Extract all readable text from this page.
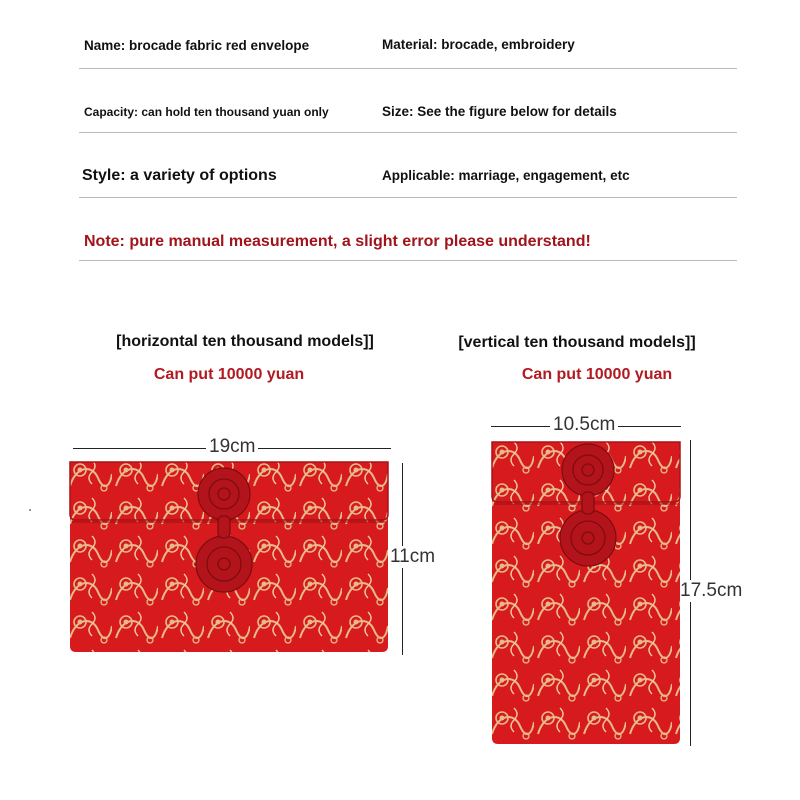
Name: brocade fabric red envelope	Material: brocade, embroidery
Capacity: can hold ten thousand yuan only	Size: See the figure below for details
Style: a variety of options	Applicable: marriage, engagement, etc
Note: pure manual measurement, a slight error please understand!
[horizontal ten thousand models]]
Can put 10000 yuan
19cm
11cm
[vertical ten thousand models]]
Can put 10000 yuan
10.5cm
17.5cm
